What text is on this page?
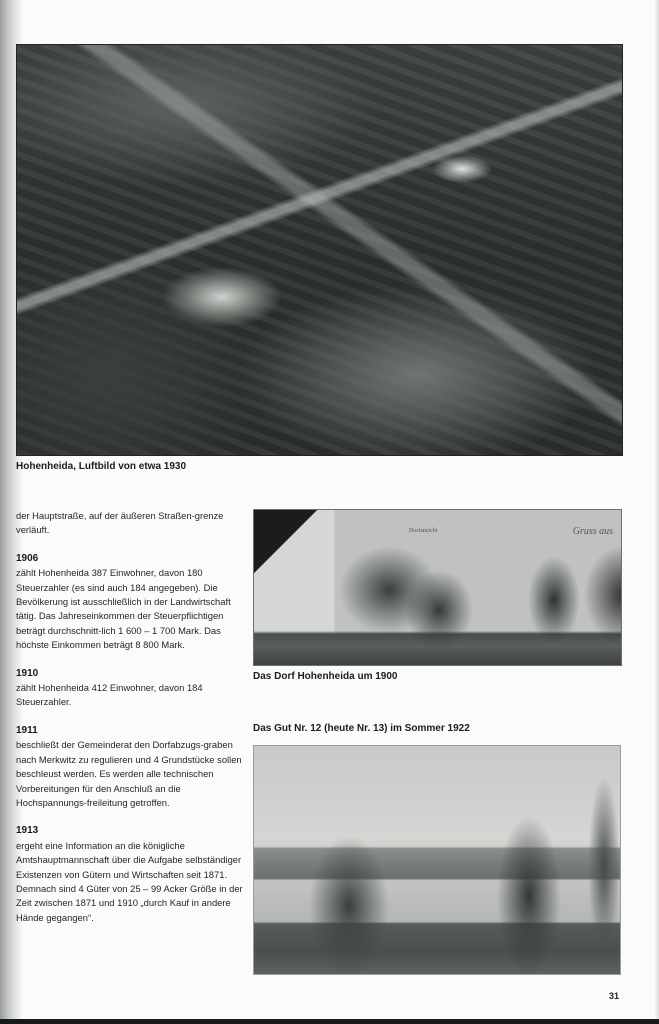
Hohenheida, Luftbild von etwa 1930

der Hauptstraße, auf der äußeren Straßen-grenze verläuft.

1906

zählt Hohenheida 387 Einwohner, davon 180 Steuerzahler (es sind auch 184 angegeben). Die Bevölkerung ist ausschließlich in der Landwirtschaft tätig. Das Jahreseinkommen der Steuerpflichtigen beträgt durchschnitt-lich 1 600 – 1 700 Mark. Das höchste Einkommen beträgt 8 800 Mark.

1910

zählt Hohenheida 412 Einwohner, davon 184 Steuerzahler.

1911

beschließt der Gemeinderat den Dorfabzugs-graben nach Merkwitz zu regulieren und 4 Grundstücke sollen beschleust werden. Es werden alle technischen Vorbereitungen für den Anschluß an die Hochspannungs-freileitung getroffen.

1913

ergeht eine Information an die königliche Amtshauptmannschaft über die Aufgabe selbständiger Existenzen von Gütern und Wirtschaften seit 1871. Demnach sind 4 Güter von 25 – 99 Acker Größe in der Zeit zwischen 1871 und 1910 „durch Kauf in andere Hände gegangen“.

Dorfansicht	Gruss aus
Das Dorf Hohenheida um 1900
Das Gut Nr. 12 (heute Nr. 13) im Sommer 1922
31
